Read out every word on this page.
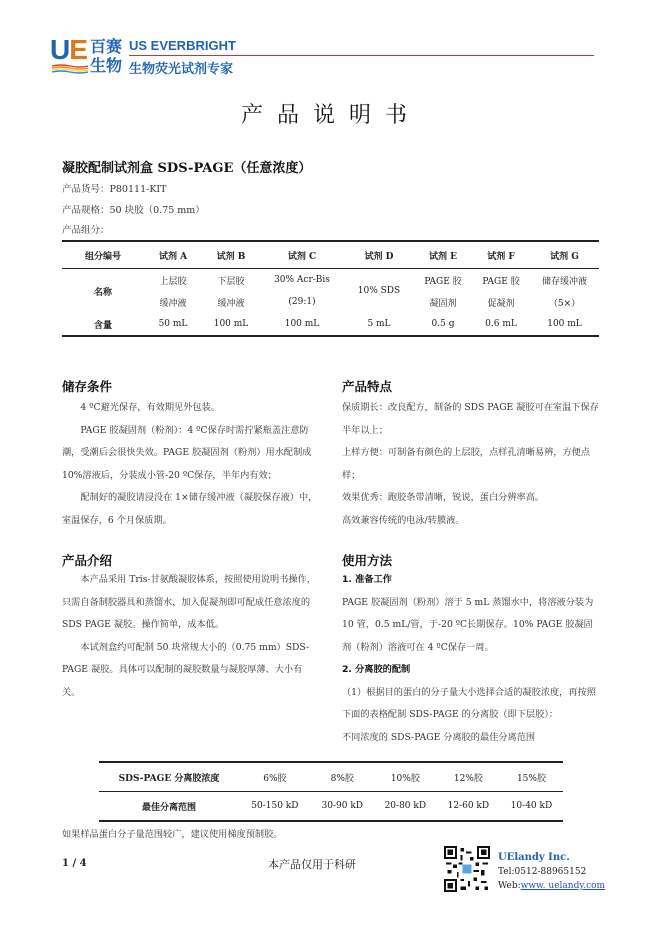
UE 百赛
生物
US EVERBRIGHT
生物荧光试剂专家
产品说明书
凝胶配制试剂盒 SDS-PAGE（任意浓度）
产品货号：P80111-KIT
产品规格：50 块胶（0.75 mm）
产品组分：
组分编号	试剂 A	试剂 B	试剂 C	试剂 D	试剂 E	试剂 F	试剂 G
名称	上层胶	下层胶	30% Acr-Bis	10% SDS	PAGE 胶	PAGE 胶	储存缓冲液
	缓冲液	缓冲液	(29:1)		凝固剂	促凝剂	（5×）
含量	50 mL	100 mL	100 mL	5 mL	0.5 g	0.6 mL	100 mL
储存条件

4 ºC避光保存，有效期见外包装。

PAGE 胶凝固剂（粉剂）：4 ºC保存时需拧紧瓶盖注意防潮，受潮后会很快失效。PAGE 胶凝固剂（粉剂）用水配制成 10%溶液后，分装成小管-20 ºC保存，半年内有效；

配制好的凝胶请浸没在 1×储存缓冲液（凝胶保存液）中，室温保存，6 个月保质期。

产品特点

保质期长：改良配方，制备的 SDS PAGE 凝胶可在室温下保存半年以上；

上样方便：可制备有颜色的上层胶，点样孔清晰易辨，方便点样；

效果优秀：跑胶条带清晰，锐说，蛋白分辨率高。

高效兼容传统的电泳/转膜液。

产品介绍

本产品采用 Tris-甘氨酸凝胶体系，按照使用说明书操作，只需自备制胶器具和蒸馏水，加入促凝剂即可配成任意浓度的 SDS PAGE 凝胶。操作简单，成本低。

本试剂盒约可配制 50 块常规大小的（0.75 mm）SDS-PAGE 凝胶。具体可以配制的凝胶数量与凝胶厚薄、大小有关。

使用方法

1. 准备工作

PAGE 胶凝固剂（粉剂）溶于 5 mL 蒸馏水中，将溶液分装为 10 管，0.5 mL/管，于-20 ºC长期保存。10% PAGE 胶凝固剂（粉剂）溶液可在 4 ºC保存一周。

2. 分离胶的配制

（1）根据目的蛋白的分子量大小选择合适的凝胶浓度，再按照下面的表格配制 SDS-PAGE 的分离胶（即下层胶）：

不同浓度的 SDS-PAGE 分离胶的最佳分离范围

SDS-PAGE 分离胶浓度	6%胶	8%胶	10%胶	12%胶	15%胶
最佳分离范围	50-150 kD	30-90 kD	20-80 kD	12-60 kD	10-40 kD
如果样品蛋白分子量范围较广，建议使用梯度预制胶。
1 / 4	本产品仅用于科研
UElandy Inc.
Tel:0512-88965152
Web:www. uelandy.com
